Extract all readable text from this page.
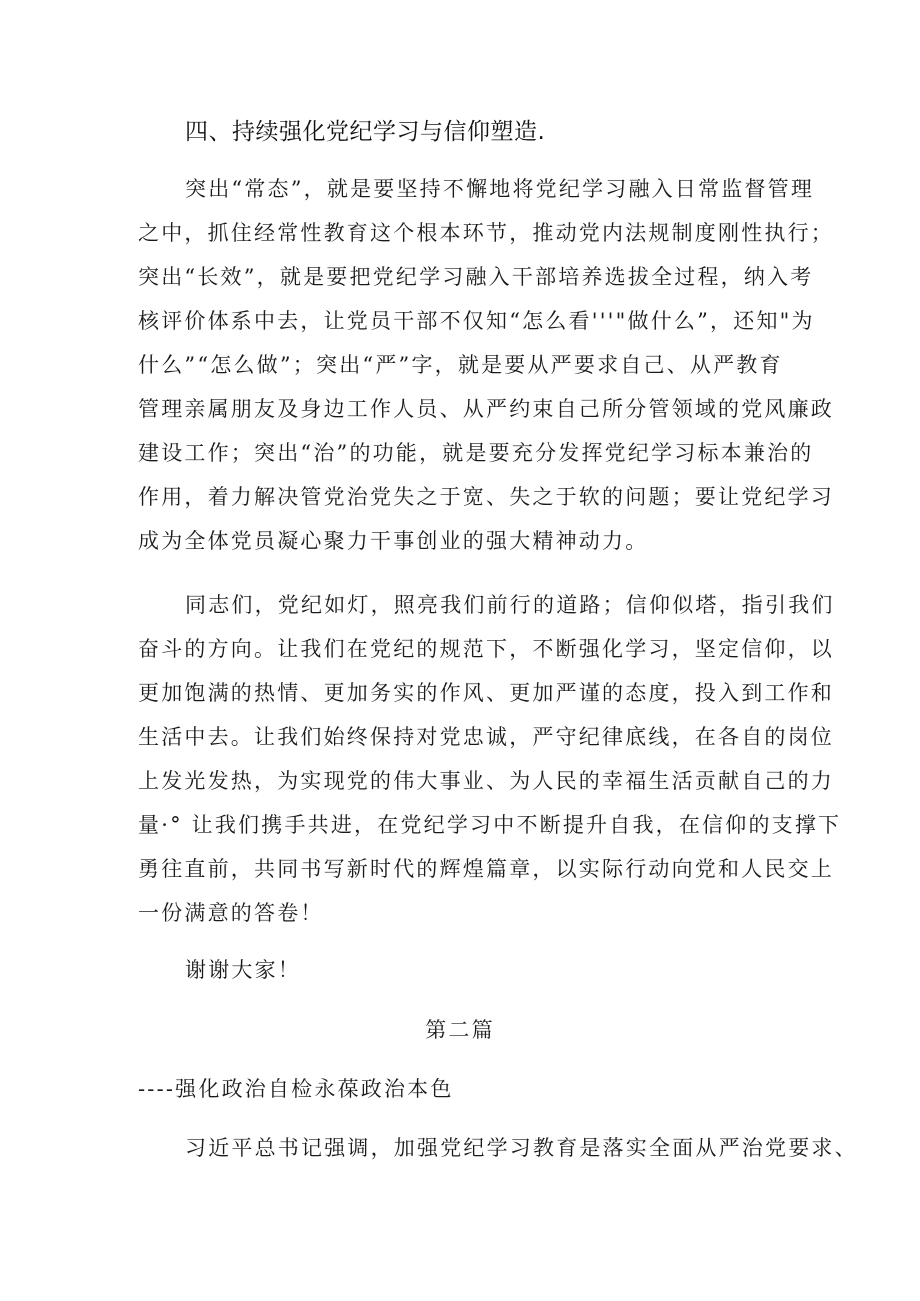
四、持续强化党纪学习与信仰塑造.
突出“常态”，就是要坚持不懈地将党纪学习融入日常监督管理
之中，抓住经常性教育这个根本环节，推动党内法规制度刚性执行；
突出“长效”，就是要把党纪学习融入干部培养选拔全过程，纳入考
核评价体系中去，让党员干部不仅知“怎么看'''"做什么”，还知"为
什么”“怎么做”；突出“严”字，就是要从严要求自己、从严教育
管理亲属朋友及身边工作人员、从严约束自己所分管领域的党风廉政
建设工作；突出“治”的功能，就是要充分发挥党纪学习标本兼治的
作用，着力解决管党治党失之于宽、失之于软的问题；要让党纪学习
成为全体党员凝心聚力干事创业的强大精神动力。
同志们，党纪如灯，照亮我们前行的道路；信仰似塔，指引我们
奋斗的方向。让我们在党纪的规范下，不断强化学习，坚定信仰，以
更加饱满的热情、更加务实的作风、更加严谨的态度，投入到工作和
生活中去。让我们始终保持对党忠诚，严守纪律底线，在各自的岗位
上发光发热，为实现党的伟大事业、为人民的幸福生活贡献自己的力
量·° 让我们携手共进，在党纪学习中不断提升自我，在信仰的支撑下
勇往直前，共同书写新时代的辉煌篇章，以实际行动向党和人民交上
一份满意的答卷！
谢谢大家！
第二篇
----强化政治自检永葆政治本色
习近平总书记强调，加强党纪学习教育是落实全面从严治党要求、
